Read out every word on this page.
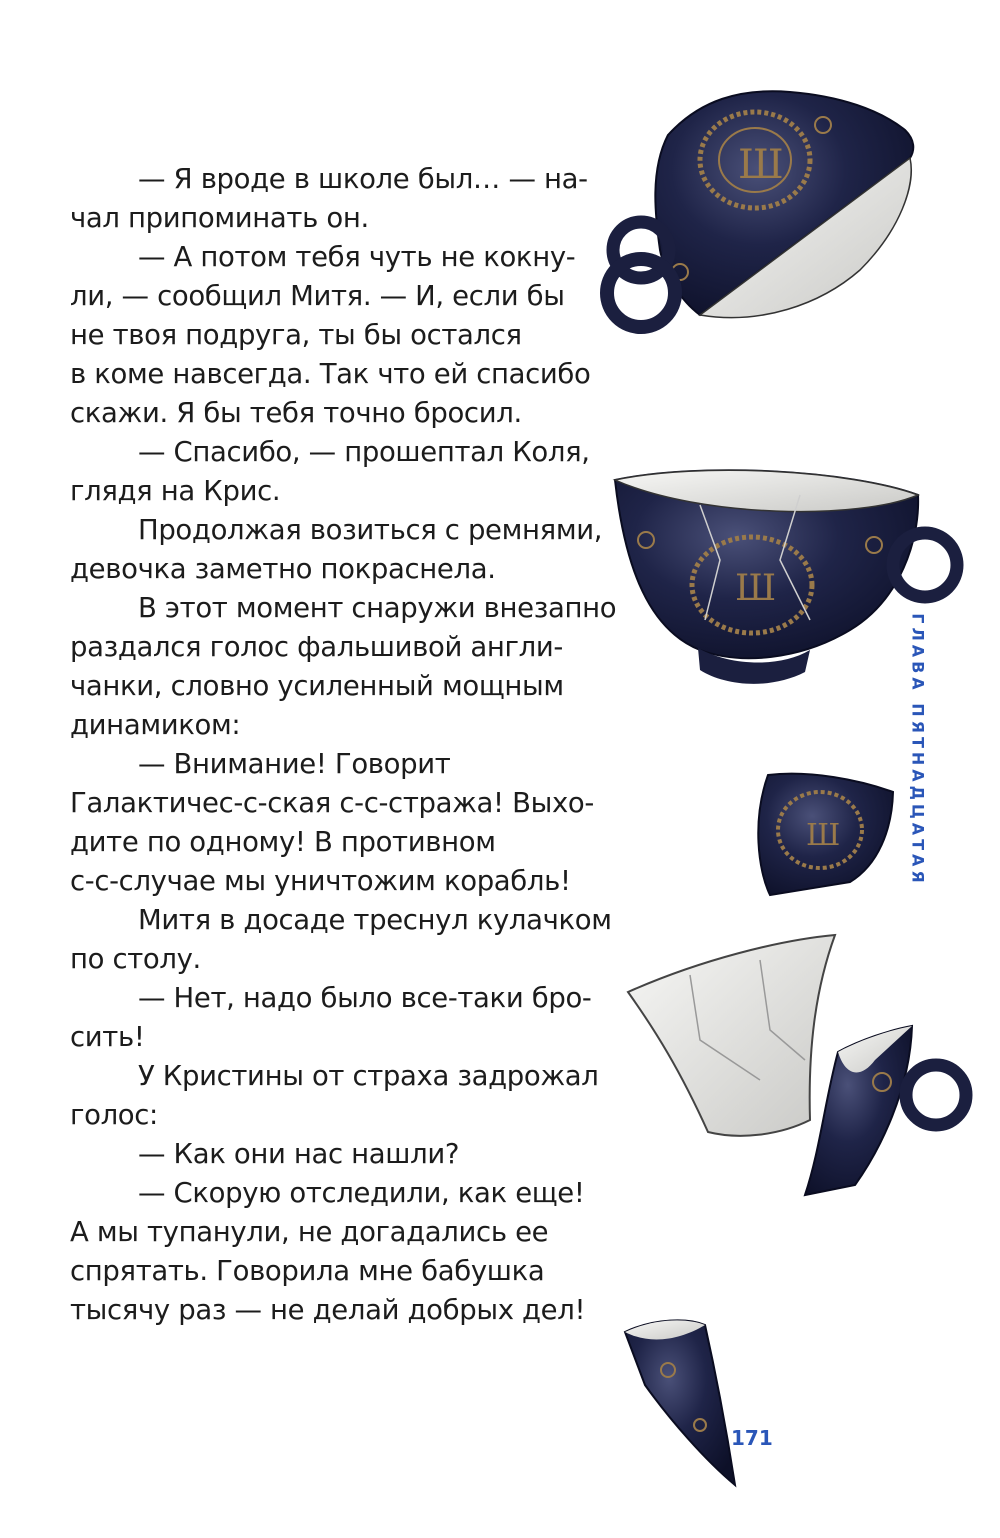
Ш
Ш
Ш
— Я вроде в школе был… — на-
чал припоминать он.
— А потом тебя чуть не кокну-
ли, — сообщил Митя. — И, если бы
не твоя подруга, ты бы остался
в коме навсегда. Так что ей спасибо
скажи. Я бы тебя точно бросил.
— Спасибо, — прошептал Коля,
глядя на Крис.
Продолжая возиться с ремнями,
девочка заметно покраснела.
В этот момент снаружи внезапно
раздался голос фальшивой англи-
чанки, словно усиленный мощным
динамиком:
— Внимание! Говорит
Галактичес-с-ская с-с-стража! Выхо-
дите по одному! В противном
с-с-случае мы уничтожим корабль!
Митя в досаде треснул кулачком
по столу.
— Нет, надо было все-таки бро-
сить!
У Кристины от страха задрожал
голос:
— Как они нас нашли?
— Скорую отследили, как еще!
А мы тупанули, не догадались ее
спрятать. Говорила мне бабушка
тысячу раз — не делай добрых дел!
ГЛАВА ПЯТНАДЦАТАЯ
171
